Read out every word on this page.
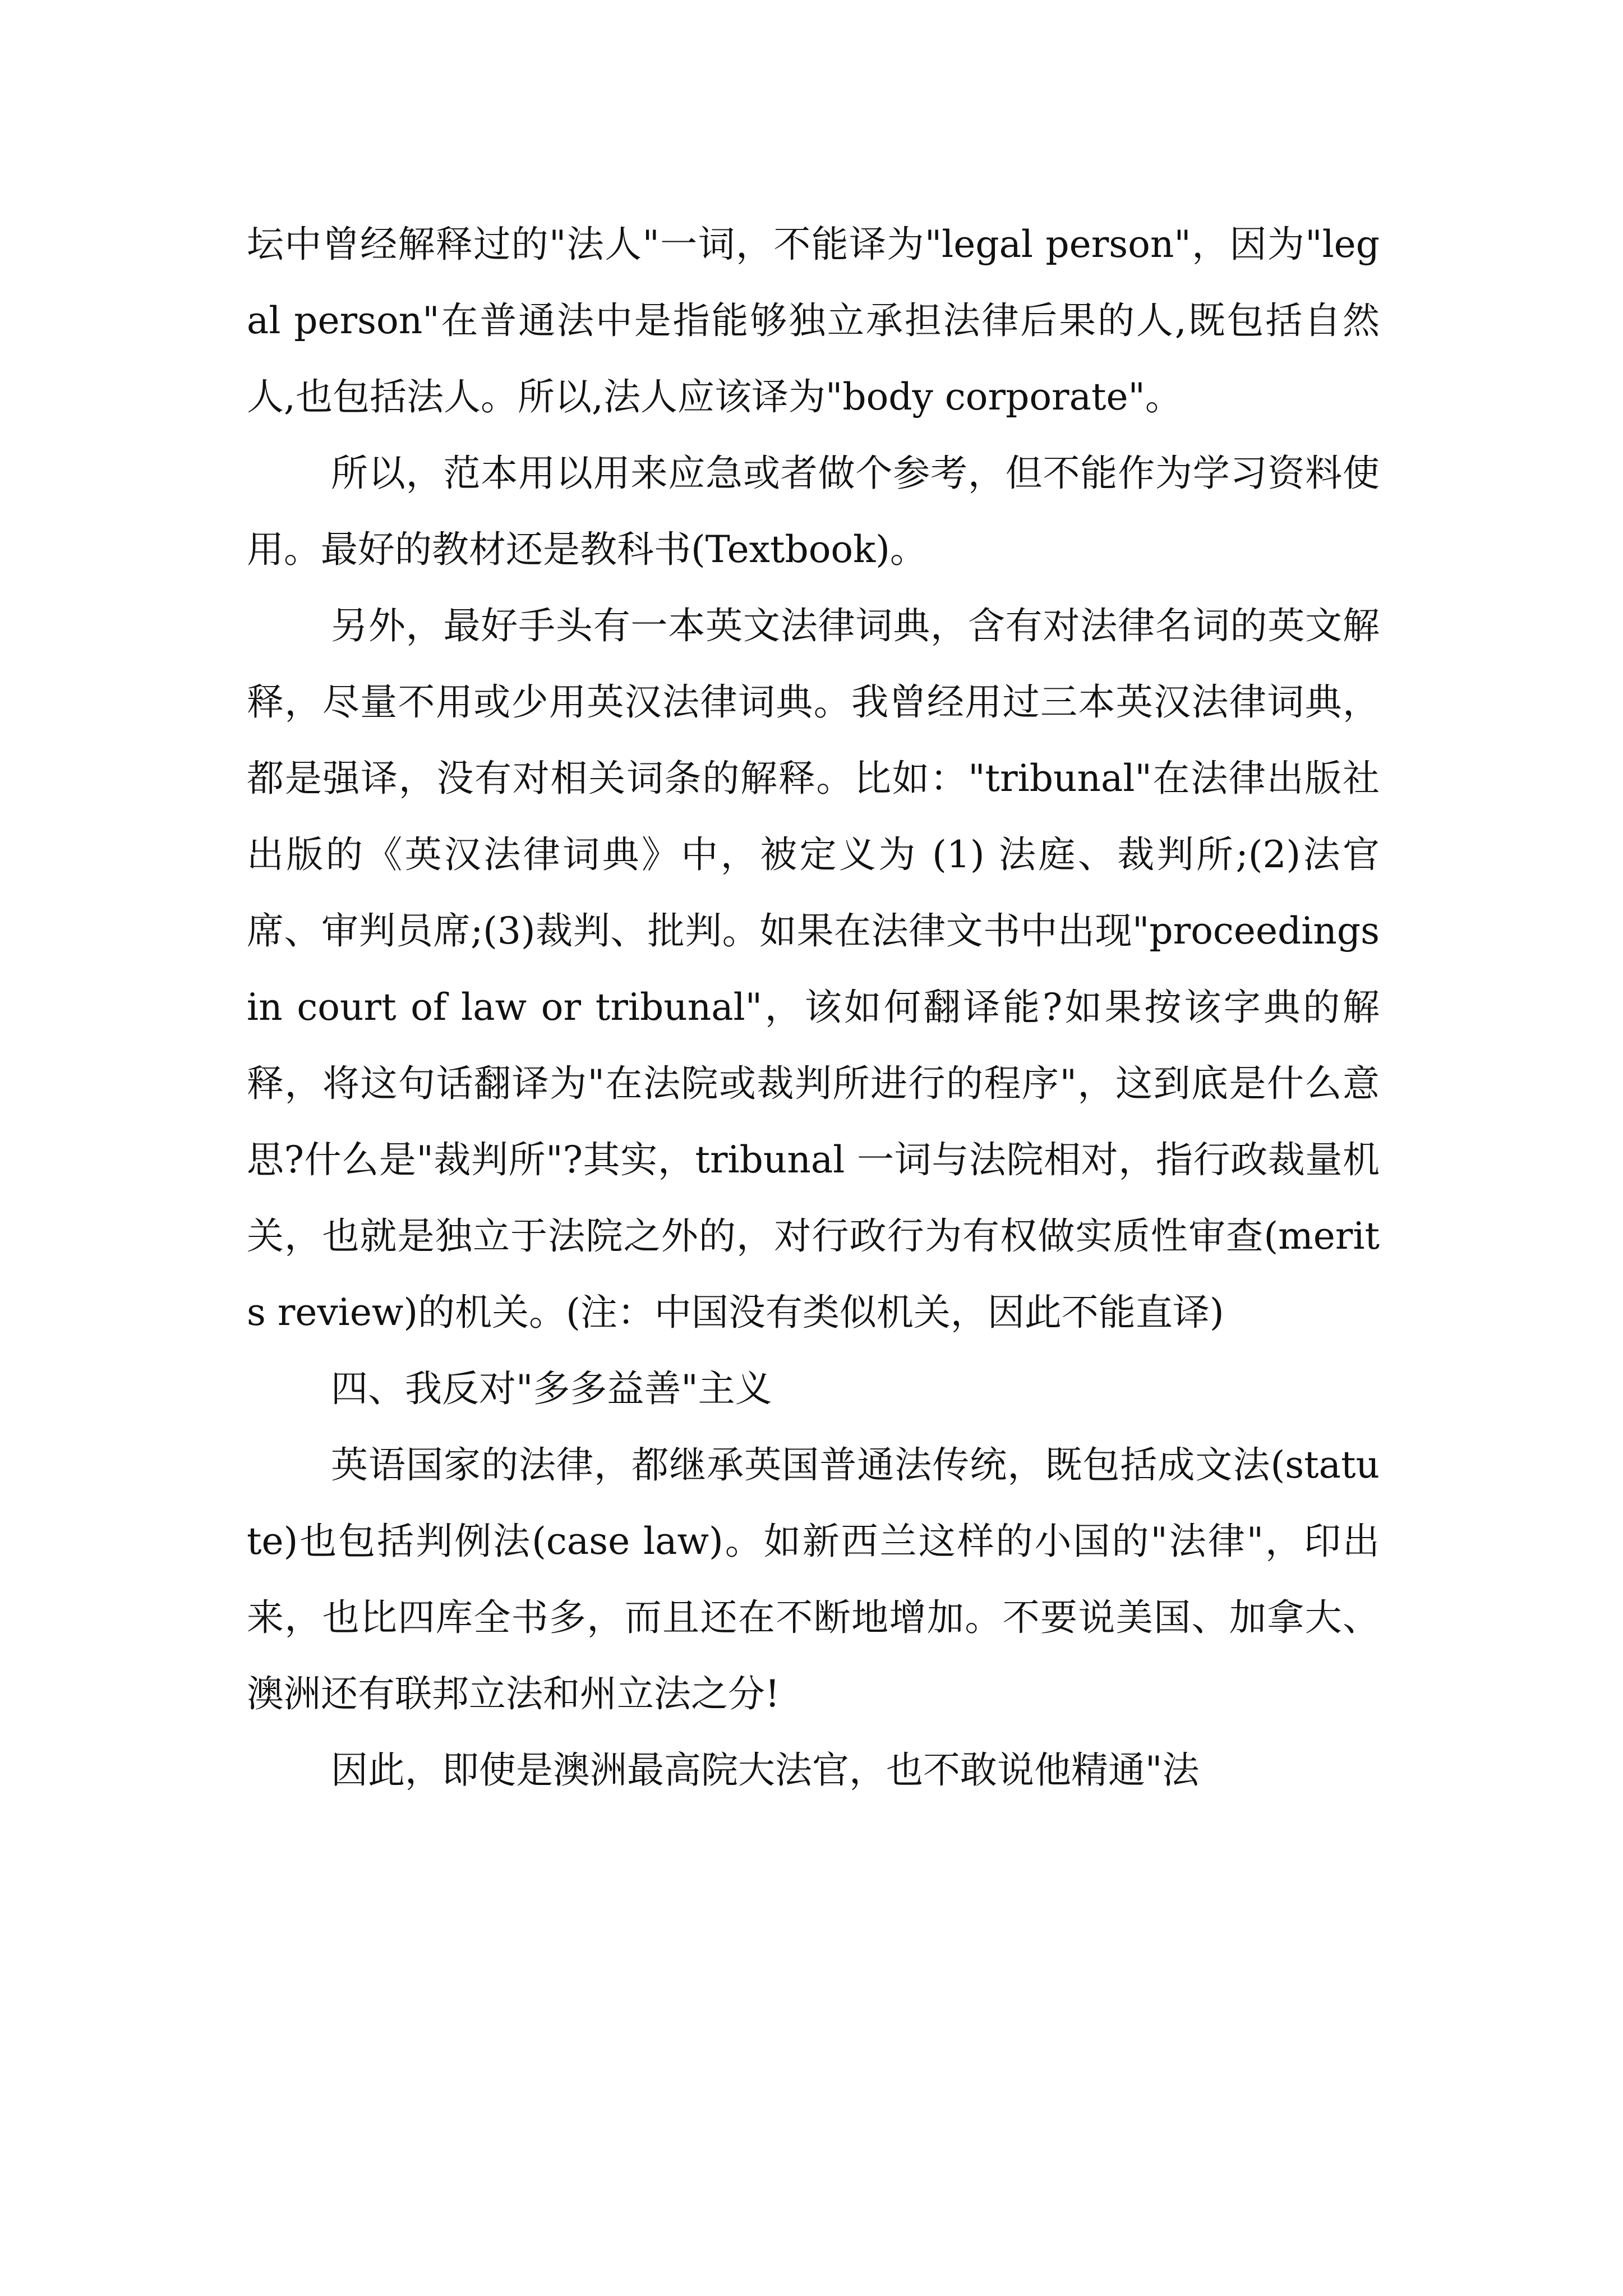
坛中曾经解释过的"法人"一词，不能译为"legal person"，因为"legal person"在普通法中是指能够独立承担法律后果的人,既包括自然人,也包括法人。所以,法人应该译为"body corporate"。

所以，范本用以用来应急或者做个参考，但不能作为学习资料使用。最好的教材还是教科书(Textbook)。

另外，最好手头有一本英文法律词典，含有对法律名词的英文解释，尽量不用或少用英汉法律词典。我曾经用过三本英汉法律词典，都是强译，没有对相关词条的解释。比如："tribunal"在法律出版社出版的《英汉法律词典》中，被定义为 (1) 法庭、裁判所;(2)法官席、审判员席;(3)裁判、批判。如果在法律文书中出现"proceedings in court of law or tribunal"，该如何翻译能?如果按该字典的解释，将这句话翻译为"在法院或裁判所进行的程序"，这到底是什么意思?什么是"裁判所"?其实，tribunal 一词与法院相对，指行政裁量机关，也就是独立于法院之外的，对行政行为有权做实质性审查(merits review)的机关。(注：中国没有类似机关，因此不能直译)

四、我反对"多多益善"主义

英语国家的法律，都继承英国普通法传统，既包括成文法(statute)也包括判例法(case law)。如新西兰这样的小国的"法律"，印出来，也比四库全书多，而且还在不断地增加。不要说美国、加拿大、澳洲还有联邦立法和州立法之分!

因此，即使是澳洲最高院大法官，也不敢说他精通"法
